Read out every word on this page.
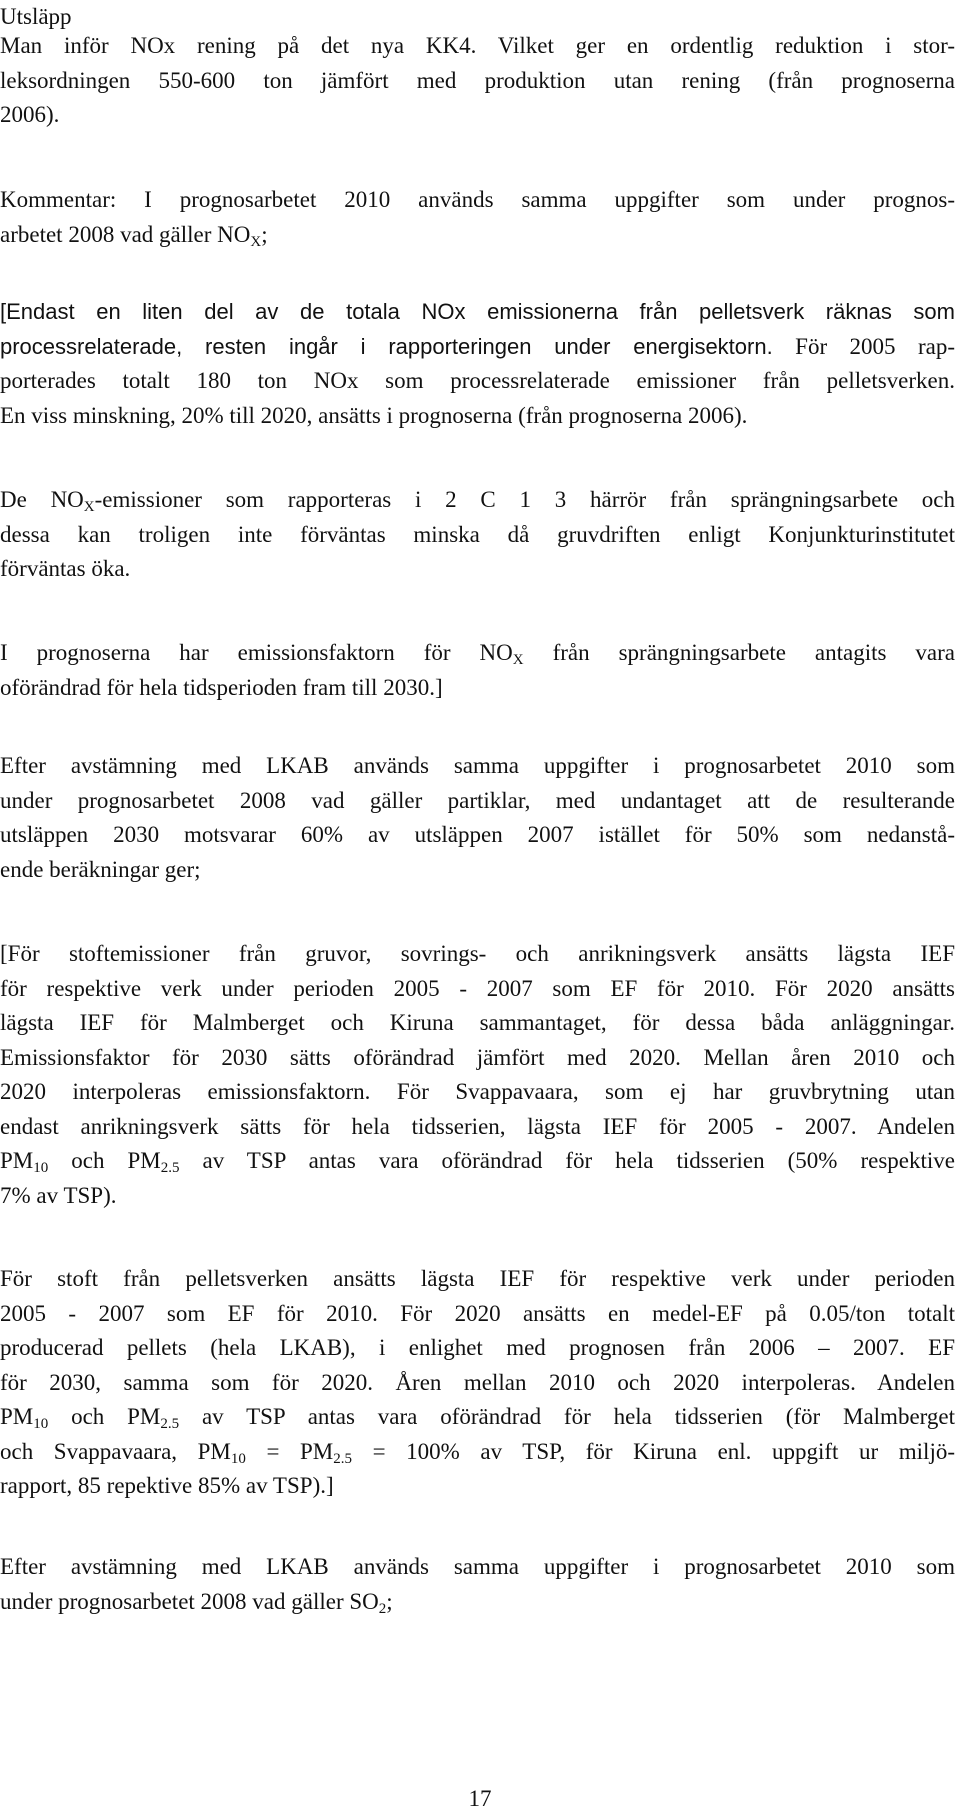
Utsläpp
Man inför NOx rening på det nya KK4. Vilket ger en ordentlig reduktion i stor-
leksordningen 550-600 ton jämfört med produktion utan rening (från prognoserna
2006).
Kommentar: I prognosarbetet 2010 används samma uppgifter som under prognos-
arbetet 2008 vad gäller $NO_X$;
[Endast en liten del av de totala NOx emissionerna från pelletsverk räknas som
processrelaterade, resten ingår i rapporteringen under energisektorn. För 2005 rap-
porterades totalt 180 ton NOx som processrelaterade emissioner från pelletsverken.
En viss minskning, 20% till 2020, ansätts i prognoserna (från prognoserna 2006).
De $NO_X$-emissioner som rapporteras i 2 C 1 3 härrör från sprängningsarbete och
dessa kan troligen inte förväntas minska då gruvdriften enligt Konjunkturinstitutet
förväntas öka.
I prognoserna har emissionsfaktorn för $NO_X$ från sprängningsarbete antagits vara
oförändrad för hela tidsperioden fram till 2030.]
Efter avstämning med LKAB används samma uppgifter i prognosarbetet 2010 som
under prognosarbetet 2008 vad gäller partiklar, med undantaget att de resulterande
utsläppen 2030 motsvarar 60% av utsläppen 2007 istället för 50% som nedanstå-
ende beräkningar ger;
[För stoftemissioner från gruvor, sovrings- och anrikningsverk ansätts lägsta IEF
för respektive verk under perioden 2005 - 2007 som EF för 2010. För 2020 ansätts
lägsta IEF för Malmberget och Kiruna sammantaget, för dessa båda anläggningar.
Emissionsfaktor för 2030 sätts oförändrad jämfört med 2020. Mellan åren 2010 och
2020 interpoleras emissionsfaktorn. För Svappavaara, som ej har gruvbrytning utan
endast anrikningsverk sätts för hela tidsserien, lägsta IEF för 2005 - 2007. Andelen
$PM_{10}$ och $PM_{2.5}$ av TSP antas vara oförändrad för hela tidsserien (50% respektive
7% av TSP).
För stoft från pelletsverken ansätts lägsta IEF för respektive verk under perioden
2005 - 2007 som EF för 2010. För 2020 ansätts en medel-EF på 0.05/ton totalt
producerad pellets (hela LKAB), i enlighet med prognosen från 2006 – 2007. EF
för 2030, samma som för 2020. Åren mellan 2010 och 2020 interpoleras. Andelen
$PM_{10}$ och $PM_{2.5}$ av TSP antas vara oförändrad för hela tidsserien (för Malmberget
och Svappavaara, $PM_{10} = PM_{2.5} = 100\%$ av TSP, för Kiruna enl. uppgift ur miljö-
rapport, 85 repektive 85% av TSP).]
Efter avstämning med LKAB används samma uppgifter i prognosarbetet 2010 som
under prognosarbetet 2008 vad gäller $SO_2$;
17
